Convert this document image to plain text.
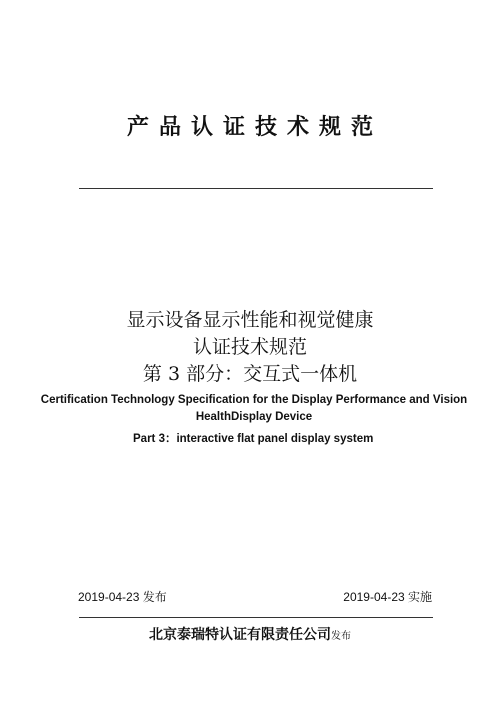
产品认证技术规范
显示设备显示性能和视觉健康
认证技术规范
第 3 部分：交互式一体机
Certification Technology Specification for the Display Performance and Vision HealthDisplay Device
Part 3：interactive flat panel display system
2019-04-23 发布	2019-04-23 实施
北京泰瑞特认证有限责任公司发布
